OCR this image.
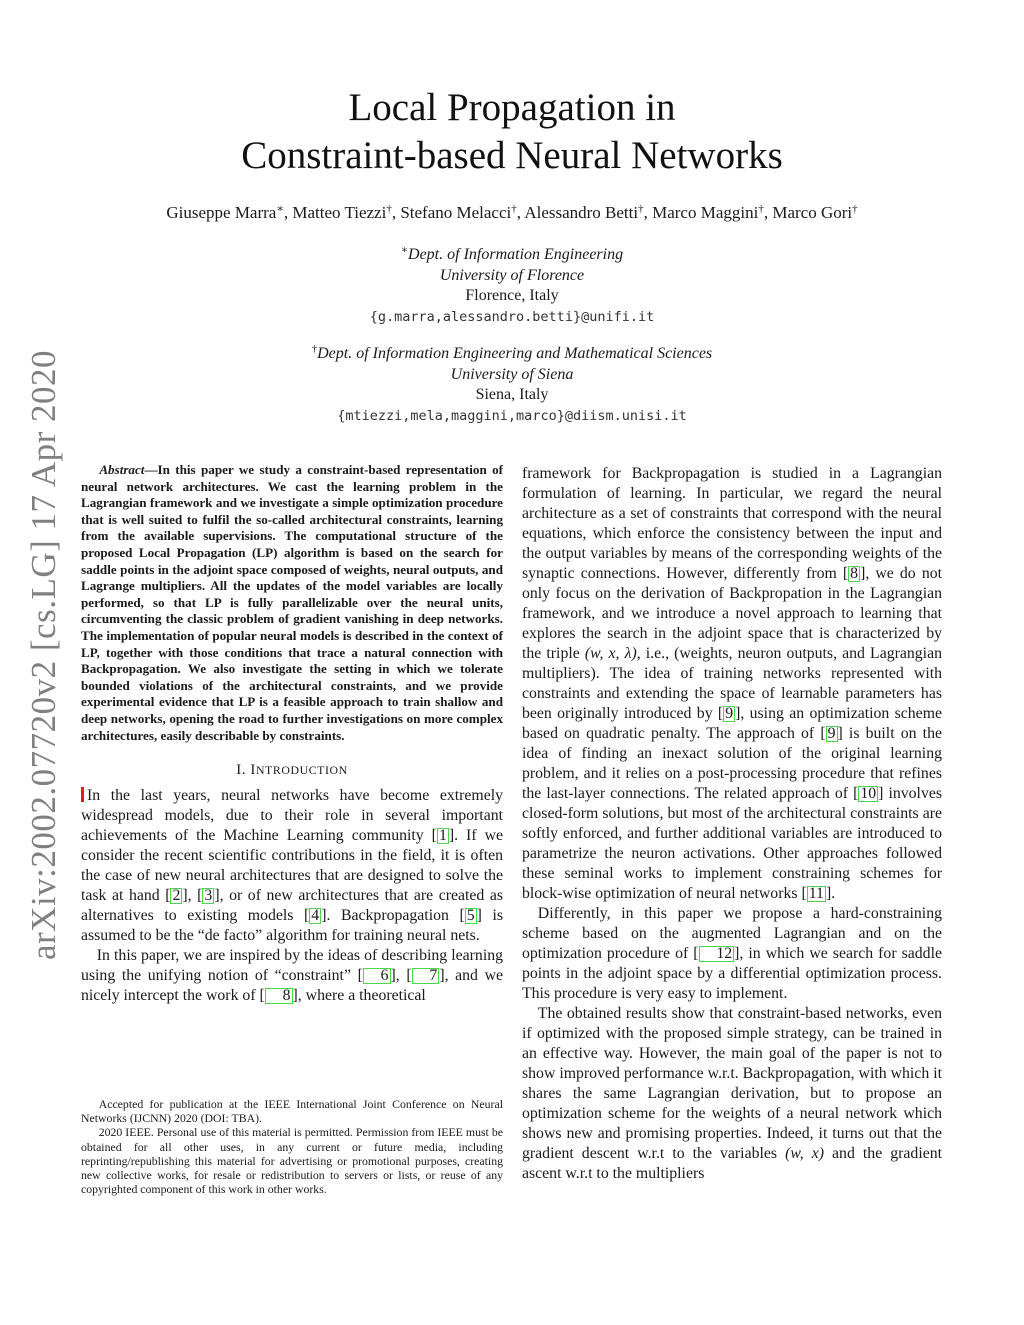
arXiv:2002.07720v2 [cs.LG] 17 Apr 2020
Local Propagation in
Constraint-based Neural Networks
Giuseppe Marra∗, Matteo Tiezzi†, Stefano Melacci†, Alessandro Betti†, Marco Maggini†, Marco Gori†
∗Dept. of Information Engineering
University of Florence
Florence, Italy
{g.marra,alessandro.betti}@unifi.it
†Dept. of Information Engineering and Mathematical Sciences
University of Siena
Siena, Italy
{mtiezzi,mela,maggini,marco}@diism.unisi.it

Abstract—In this paper we study a constraint-based representation of neural network architectures. We cast the learning problem in the Lagrangian framework and we investigate a simple optimization procedure that is well suited to fulfil the so-called architectural constraints, learning from the available supervisions. The computational structure of the proposed Local Propagation (LP) algorithm is based on the search for saddle points in the adjoint space composed of weights, neural outputs, and Lagrange multipliers. All the updates of the model variables are locally performed, so that LP is fully parallelizable over the neural units, circumventing the classic problem of gradient vanishing in deep networks. The implementation of popular neural models is described in the context of LP, together with those conditions that trace a natural connection with Backpropagation. We also investigate the setting in which we tolerate bounded violations of the architectural constraints, and we provide experimental evidence that LP is a feasible approach to train shallow and deep networks, opening the road to further investigations on more complex architectures, easily describable by constraints.

I. INTRODUCTION

In the last years, neural networks have become extremely widespread models, due to their role in several important achievements of the Machine Learning community [ 1 ]. If we consider the recent scientific contributions in the field, it is often the case of new neural architectures that are designed to solve the task at hand [ 2 ], [ 3 ], or of new architectures that are created as alternatives to existing models [ 4 ]. Backpropagation [ 5 ] is assumed to be the “de facto” algorithm for training neural nets.

In this paper, we are inspired by the ideas of describing learning using the unifying notion of “constraint” [ 6 ], [ 7 ], and we nicely intercept the work of [ 8 ], where a theoretical

Accepted for publication at the IEEE International Joint Conference on Neural Networks (IJCNN) 2020 (DOI: TBA).

2020 IEEE. Personal use of this material is permitted. Permission from IEEE must be obtained for all other uses, in any current or future media, including reprinting/republishing this material for advertising or promotional purposes, creating new collective works, for resale or redistribution to servers or lists, or reuse of any copyrighted component of this work in other works.

framework for Backpropagation is studied in a Lagrangian formulation of learning. In particular, we regard the neural architecture as a set of constraints that correspond with the neural equations, which enforce the consistency between the input and the output variables by means of the corresponding weights of the synaptic connections. However, differently from [ 8 ], we do not only focus on the derivation of Backpropation in the Lagrangian framework, and we introduce a novel approach to learning that explores the search in the adjoint space that is characterized by the triple (w, x, λ), i.e., (weights, neuron outputs, and Lagrangian multipliers). The idea of training networks represented with constraints and extending the space of learnable parameters has been originally introduced by [ 9 ], using an optimization scheme based on quadratic penalty. The approach of [ 9 ] is built on the idea of finding an inexact solution of the original learning problem, and it relies on a post-processing procedure that refines the last-layer connections. The related approach of [ 10 ] involves closed-form solutions, but most of the architectural constraints are softly enforced, and further additional variables are introduced to parametrize the neuron activations. Other approaches followed these seminal works to implement constraining schemes for block-wise optimization of neural networks [ 11 ].

Differently, in this paper we propose a hard-constraining scheme based on the augmented Lagrangian and on the optimization procedure of [ 12 ], in which we search for saddle points in the adjoint space by a differential optimization process. This procedure is very easy to implement.

The obtained results show that constraint-based networks, even if optimized with the proposed simple strategy, can be trained in an effective way. However, the main goal of the paper is not to show improved performance w.r.t. Backpropagation, with which it shares the same Lagrangian derivation, but to propose an optimization scheme for the weights of a neural network which shows new and promising properties. Indeed, it turns out that the gradient descent w.r.t to the variables (w, x) and the gradient ascent w.r.t to the multipliers
